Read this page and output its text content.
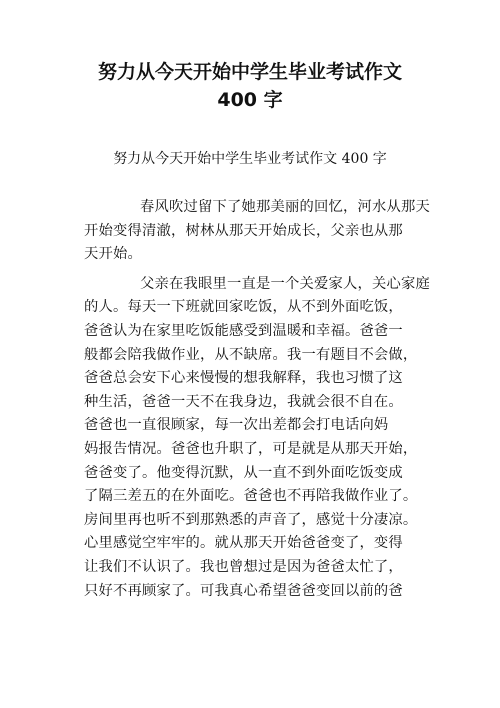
努力从今天开始中学生毕业考试作文
400 字
努力从今天开始中学生毕业考试作文 400 字
春风吹过留下了她那美丽的回忆，河水从那天
开始变得清澈，树林从那天开始成长，父亲也从那
天开始。
父亲在我眼里一直是一个关爱家人，关心家庭
的人。每天一下班就回家吃饭，从不到外面吃饭，
爸爸认为在家里吃饭能感受到温暖和幸福。爸爸一
般都会陪我做作业，从不缺席。我一有题目不会做，
爸爸总会安下心来慢慢的想我解释，我也习惯了这
种生活，爸爸一天不在我身边，我就会很不自在。
爸爸也一直很顾家，每一次出差都会打电话向妈
妈报告情况。爸爸也升职了，可是就是从那天开始，
爸爸变了。他变得沉默，从一直不到外面吃饭变成
了隔三差五的在外面吃。爸爸也不再陪我做作业了。
房间里再也听不到那熟悉的声音了，感觉十分凄凉。
心里感觉空牢牢的。就从那天开始爸爸变了，变得
让我们不认识了。我也曾想过是因为爸爸太忙了，
只好不再顾家了。可我真心希望爸爸变回以前的爸
